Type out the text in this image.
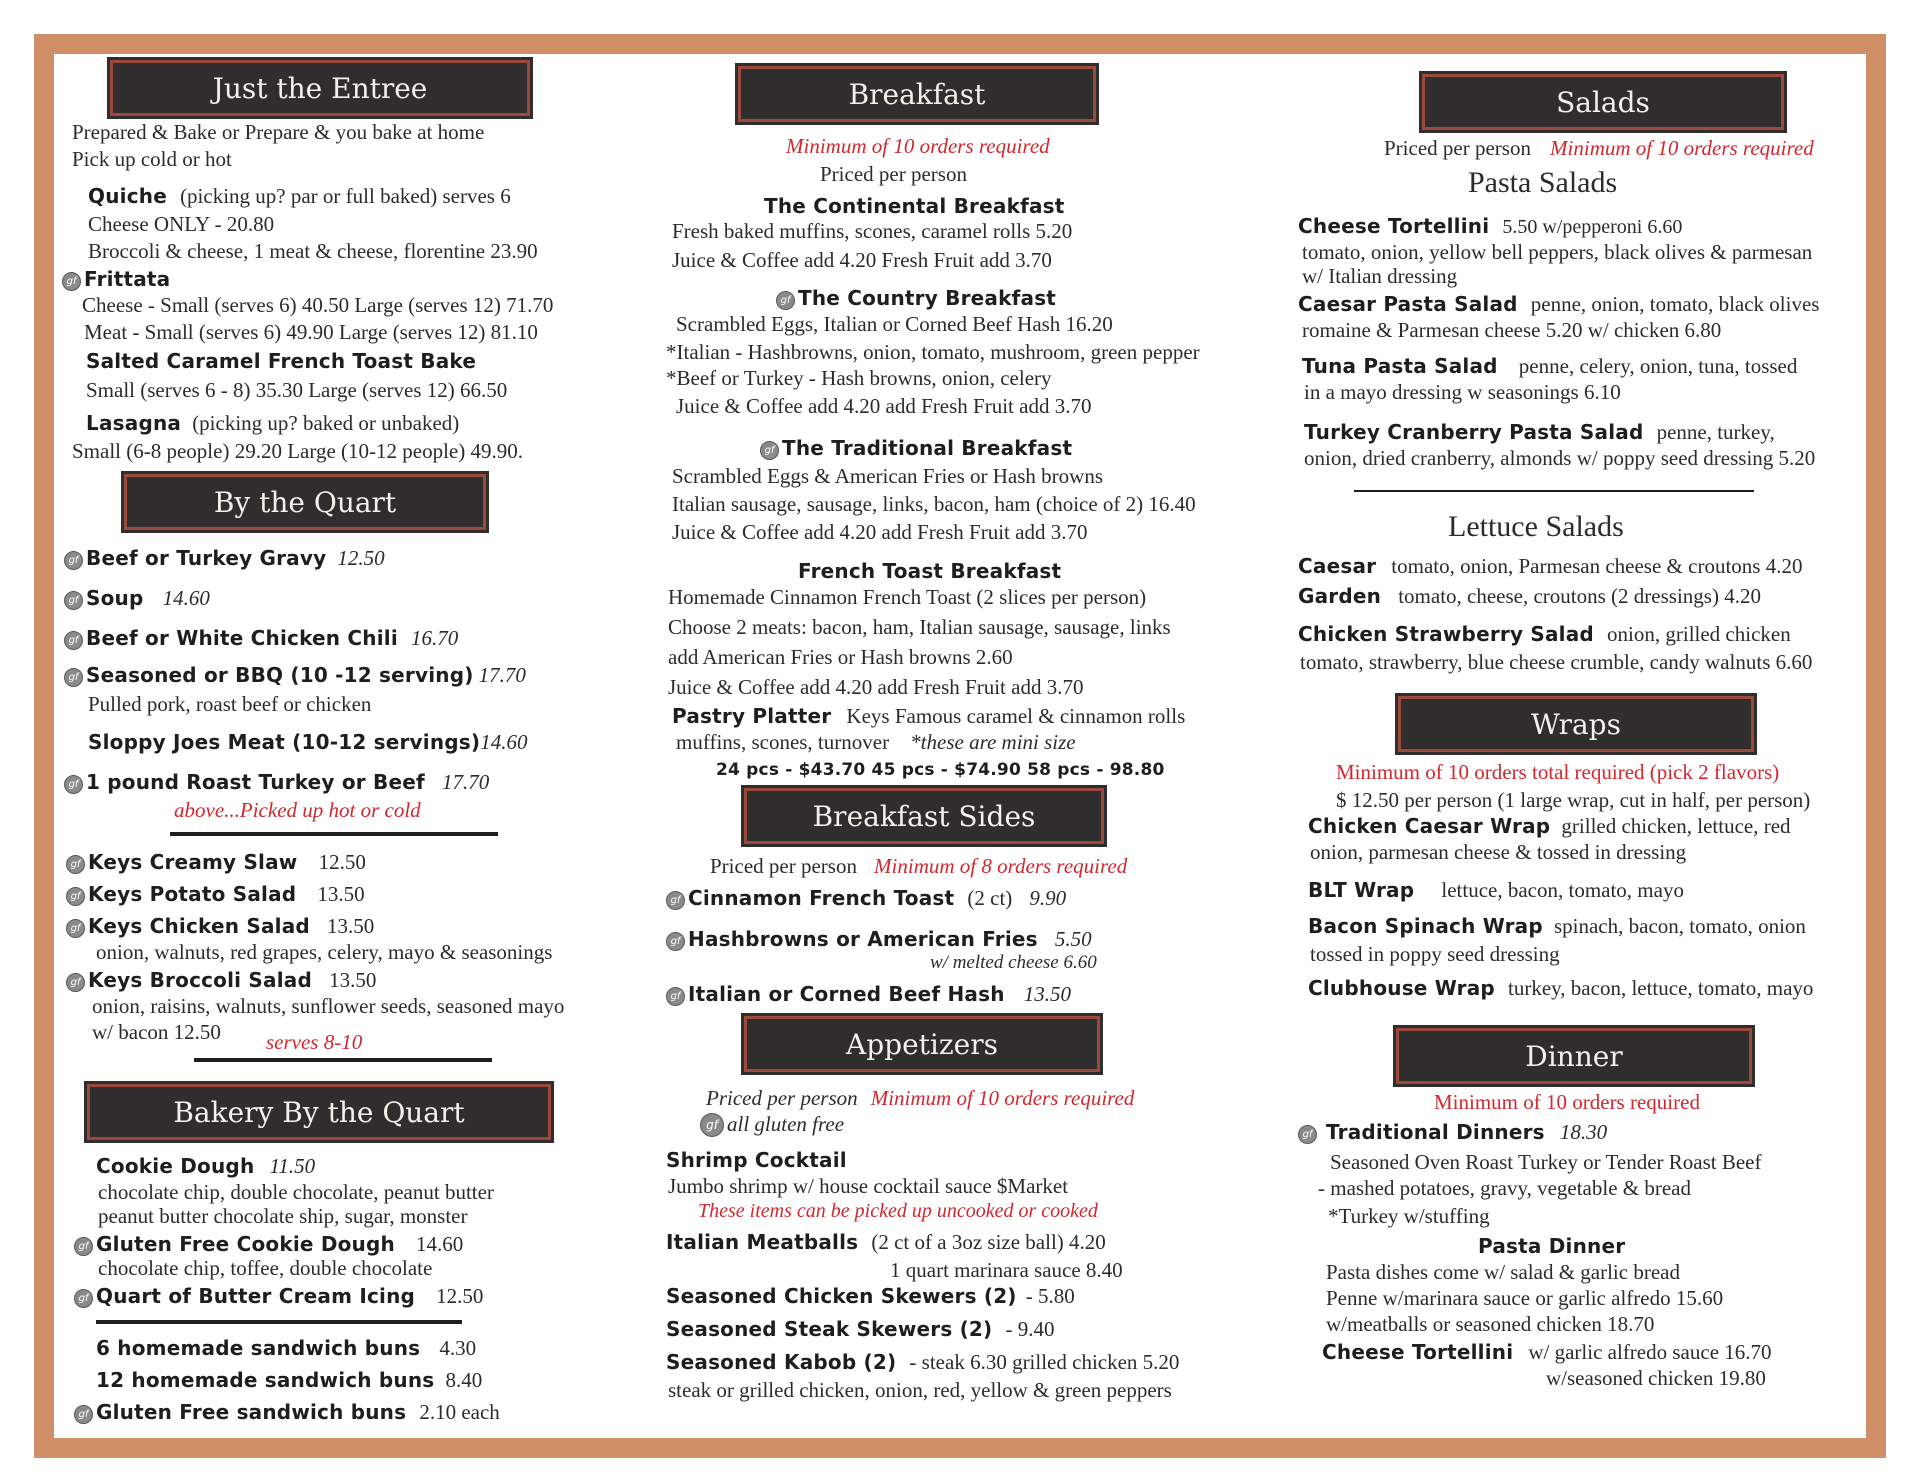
Just the Entree
Prepared & Bake or Prepare & you bake at home
Pick up cold or hot
Quiche (picking up? par or full baked) serves 6
Cheese ONLY - 20.80
Broccoli & cheese, 1 meat & cheese, florentine 23.90
gf Frittata
Cheese - Small (serves 6) 40.50 Large (serves 12) 71.70
Meat - Small (serves 6) 49.90 Large (serves 12) 81.10
Salted Caramel French Toast Bake
Small (serves 6 - 8) 35.30 Large (serves 12) 66.50
Lasagna (picking up? baked or unbaked)
Small (6-8 people) 29.20 Large (10-12 people) 49.90.
By the Quart
gf Beef or Turkey Gravy 12.50
gf Soup 14.60
gf Beef or White Chicken Chili 16.70
gf Seasoned or BBQ (10 -12 serving) 17.70
Pulled pork, roast beef or chicken
Sloppy Joes Meat (10-12 servings)14.60
gf 1 pound Roast Turkey or Beef 17.70
above...Picked up hot or cold
gf Keys Creamy Slaw 12.50
gf Keys Potato Salad 13.50
gf Keys Chicken Salad 13.50
onion, walnuts, red grapes, celery, mayo & seasonings
gf Keys Broccoli Salad 13.50
onion, raisins, walnuts, sunflower seeds, seasoned mayo
w/ bacon 12.50 serves 8-10
Bakery By the Quart
Cookie Dough 11.50
chocolate chip, double chocolate, peanut butter
peanut butter chocolate ship, sugar, monster
gf Gluten Free Cookie Dough 14.60
chocolate chip, toffee, double chocolate
gf Quart of Butter Cream Icing 12.50
6 homemade sandwich buns 4.30
12 homemade sandwich buns 8.40
gf Gluten Free sandwich buns 2.10 each
Breakfast
Minimum of 10 orders required
Priced per person
The Continental Breakfast
Fresh baked muffins, scones, caramel rolls 5.20
Juice & Coffee add 4.20 Fresh Fruit add 3.70
gf The Country Breakfast
Scrambled Eggs, Italian or Corned Beef Hash 16.20
*Italian - Hashbrowns, onion, tomato, mushroom, green pepper
*Beef or Turkey - Hash browns, onion, celery
Juice & Coffee add 4.20 add Fresh Fruit add 3.70
gf The Traditional Breakfast
Scrambled Eggs & American Fries or Hash browns
Italian sausage, sausage, links, bacon, ham (choice of 2) 16.40
Juice & Coffee add 4.20 add Fresh Fruit add 3.70
French Toast Breakfast
Homemade Cinnamon French Toast (2 slices per person)
Choose 2 meats: bacon, ham, Italian sausage, sausage, links
add American Fries or Hash browns 2.60
Juice & Coffee add 4.20 add Fresh Fruit add 3.70
Pastry Platter Keys Famous caramel & cinnamon rolls
muffins, scones, turnover *these are mini size
24 pcs - $43.70 45 pcs - $74.90 58 pcs - 98.80
Breakfast Sides
Priced per person Minimum of 8 orders required
gf Cinnamon French Toast (2 ct) 9.90
gf Hashbrowns or American Fries 5.50
w/ melted cheese 6.60
gf Italian or Corned Beef Hash 13.50
Appetizers
Priced per person Minimum of 10 orders required
gf all gluten free
Shrimp Cocktail
Jumbo shrimp w/ house cocktail sauce $Market
These items can be picked up uncooked or cooked
Italian Meatballs (2 ct of a 3oz size ball) 4.20
1 quart marinara sauce 8.40
Seasoned Chicken Skewers (2) - 5.80
Seasoned Steak Skewers (2) - 9.40
Seasoned Kabob (2) - steak 6.30 grilled chicken 5.20
steak or grilled chicken, onion, red, yellow & green peppers
Salads
Priced per person Minimum of 10 orders required
Pasta Salads
Cheese Tortellini 5.50 w/pepperoni 6.60
tomato, onion, yellow bell peppers, black olives & parmesan
w/ Italian dressing
Caesar Pasta Salad penne, onion, tomato, black olives
romaine & Parmesan cheese 5.20 w/ chicken 6.80
Tuna Pasta Salad penne, celery, onion, tuna, tossed
in a mayo dressing w seasonings 6.10
Turkey Cranberry Pasta Salad penne, turkey,
onion, dried cranberry, almonds w/ poppy seed dressing 5.20
Lettuce Salads
Caesar tomato, onion, Parmesan cheese & croutons 4.20
Garden tomato, cheese, croutons (2 dressings) 4.20
Chicken Strawberry Salad onion, grilled chicken
tomato, strawberry, blue cheese crumble, candy walnuts 6.60
Wraps
Minimum of 10 orders total required (pick 2 flavors)
$ 12.50 per person (1 large wrap, cut in half, per person)
Chicken Caesar Wrap grilled chicken, lettuce, red
onion, parmesan cheese & tossed in dressing
BLT Wrap lettuce, bacon, tomato, mayo
Bacon Spinach Wrap spinach, bacon, tomato, onion
tossed in poppy seed dressing
Clubhouse Wrap turkey, bacon, lettuce, tomato, mayo
Dinner
Minimum of 10 orders required
gf Traditional Dinners 18.30
Seasoned Oven Roast Turkey or Tender Roast Beef
- mashed potatoes, gravy, vegetable & bread
*Turkey w/stuffing
Pasta Dinner
Pasta dishes come w/ salad & garlic bread
Penne w/marinara sauce or garlic alfredo 15.60
w/meatballs or seasoned chicken 18.70
Cheese Tortellini w/ garlic alfredo sauce 16.70
w/seasoned chicken 19.80
